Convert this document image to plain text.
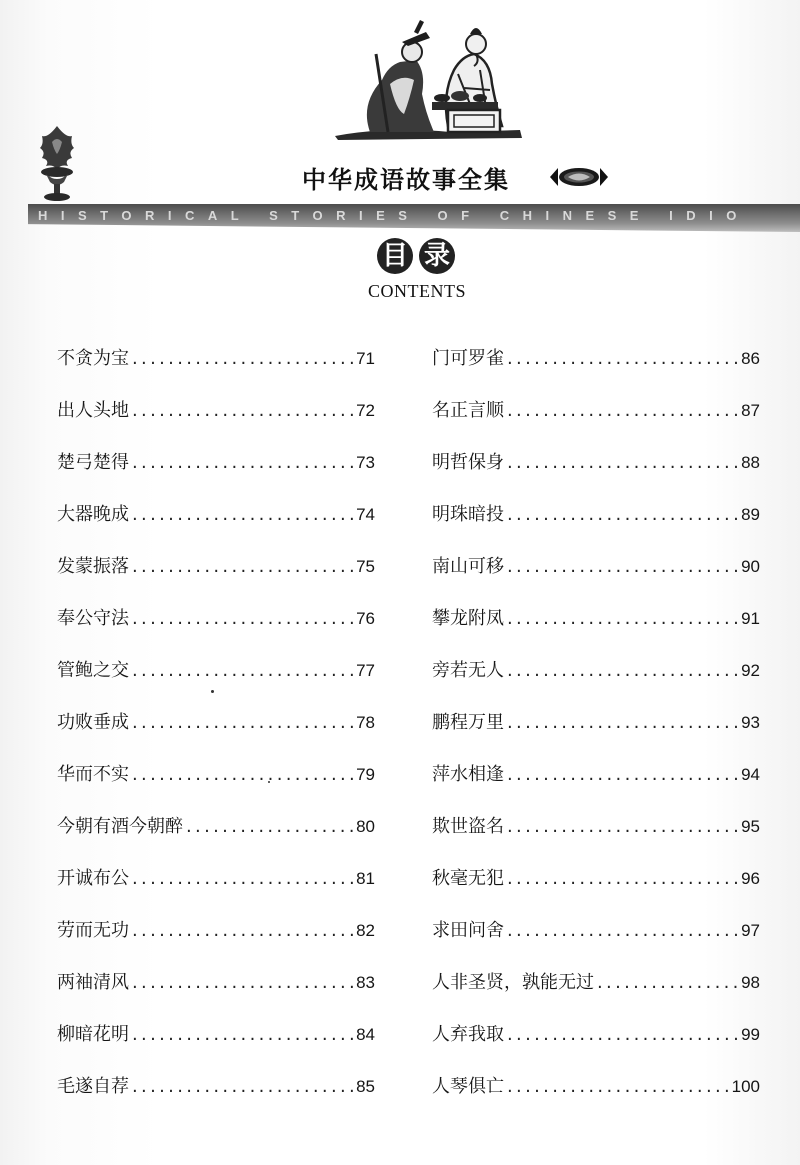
中华成语故事全集
HISTORICAL STORIES OF CHINESE IDIO
目 录
CONTENTS
不贪为宝 . . .	71
出人头地 . . .	72
楚弓楚得 . . .	73
大器晚成 . . .	74
发蒙振落 . . .	75
奉公守法 . . .	76
管鲍之交 . . .	77
功败垂成 . . .	78
华而不实 . . .	79
今朝有酒今朝醉 . . .	80
开诚布公 . . .	81
劳而无功 . . .	82
两袖清风 . . .	83
柳暗花明 . . .	84
毛遂自荐 . . .	85
门可罗雀 . . .	86
名正言顺 . . .	87
明哲保身 . . .	88
明珠暗投 . . .	89
南山可移 . . .	90
攀龙附凤 . . .	91
旁若无人 . . .	92
鹏程万里 . . .	93
萍水相逢 . . .	94
欺世盗名 . . .	95
秋毫无犯 . . .	96
求田问舍 . . .	97
人非圣贤，孰能无过 . . .	98
人弃我取 . . .	99
人琴俱亡 . . .	100
